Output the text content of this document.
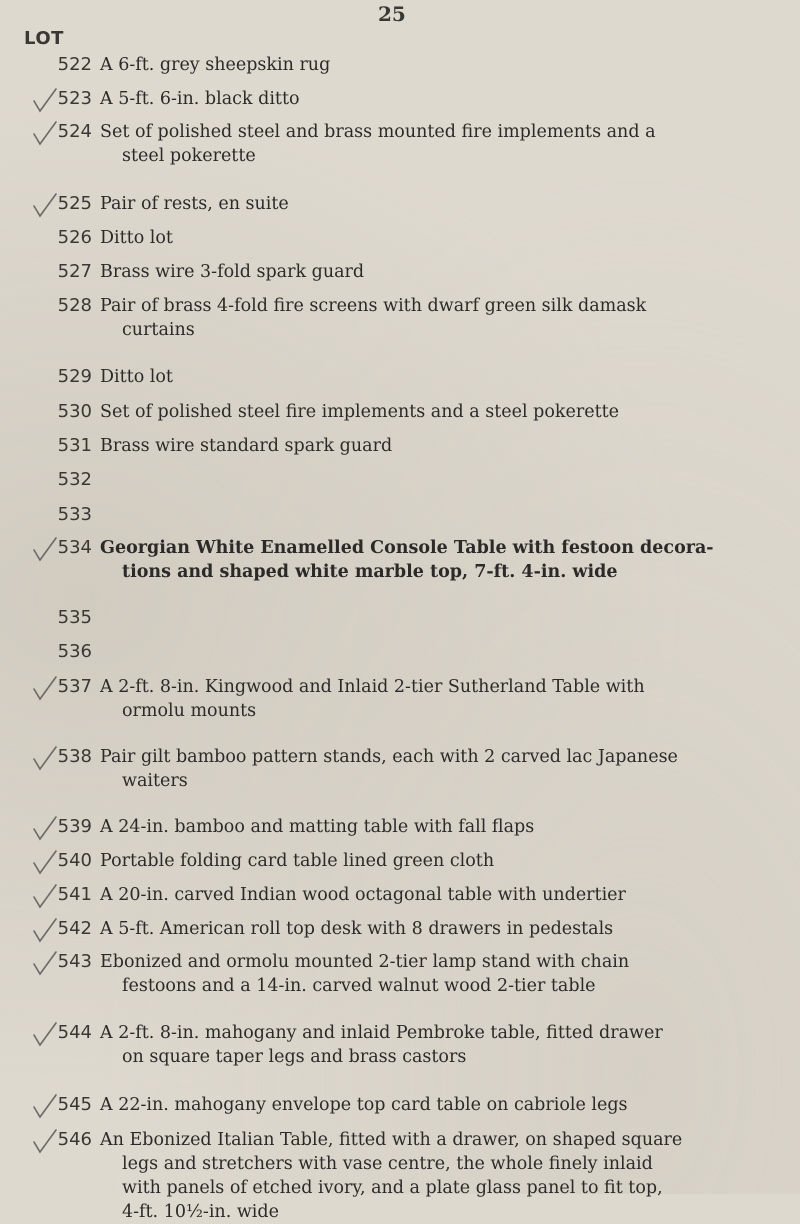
25
LOT
522 A 6-ft. grey sheepskin rug
523 A 5-ft. 6-in. black ditto
524 Set of polished steel and brass mounted fire implements and a
steel pokerette
525 Pair of rests, en suite
526 Ditto lot
527 Brass wire 3-fold spark guard
528 Pair of brass 4-fold fire screens with dwarf green silk damask
curtains
529 Ditto lot
530 Set of polished steel fire implements and a steel pokerette
531 Brass wire standard spark guard
532
533
534 Georgian White Enamelled Console Table with festoon decora-
tions and shaped white marble top, 7-ft. 4-in. wide
535
536
537 A 2-ft. 8-in. Kingwood and Inlaid 2-tier Sutherland Table with
ormolu mounts
538 Pair gilt bamboo pattern stands, each with 2 carved lac Japanese
waiters
539 A 24-in. bamboo and matting table with fall flaps
540 Portable folding card table lined green cloth
541 A 20-in. carved Indian wood octagonal table with undertier
542 A 5-ft. American roll top desk with 8 drawers in pedestals
543 Ebonized and ormolu mounted 2-tier lamp stand with chain
festoons and a 14-in. carved walnut wood 2-tier table
544 A 2-ft. 8-in. mahogany and inlaid Pembroke table, fitted drawer
on square taper legs and brass castors
545 A 22-in. mahogany envelope top card table on cabriole legs
546 An Ebonized Italian Table, fitted with a drawer, on shaped square
legs and stretchers with vase centre, the whole finely inlaid
with panels of etched ivory, and a plate glass panel to fit top,
4-ft. 10½-in. wide
